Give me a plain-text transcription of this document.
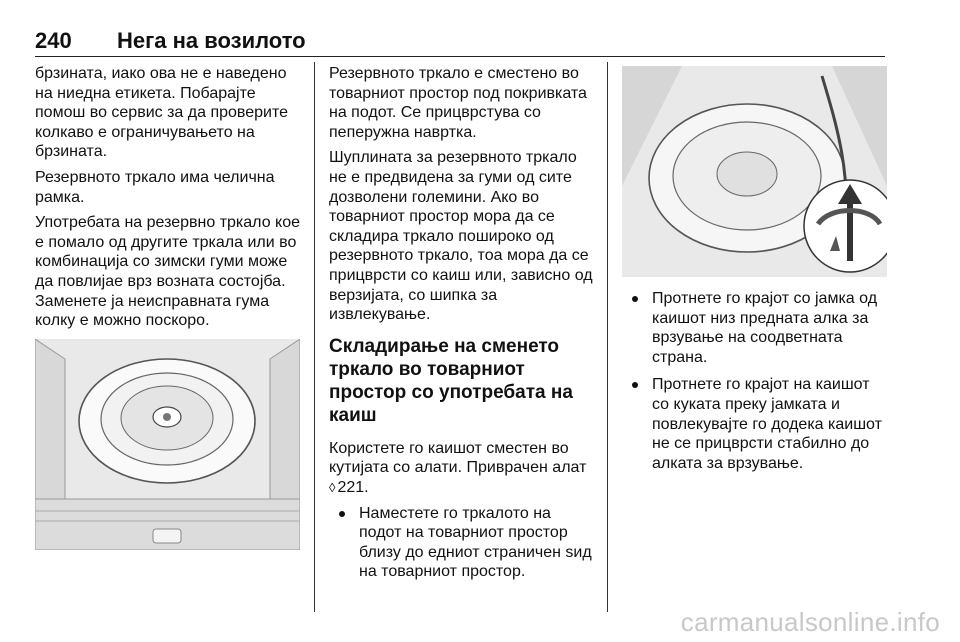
240 Нега на возилото

брзината, иако ова не е наведено на ниедна етикета. Побарајте помош во сервис за да проверите колкаво е ограничувањето на брзината.

Резервното тркало има челична рамка.

Употребата на резервно тркало кое е помало од другите тркала или во комбинација со зимски гуми може да повлијае врз возната состојба. Заменете ја неисправната гума колку е можно поскоро.

Резервното тркало е сместено во товарниот простор под покривката на подот. Се прицврстува со пеперужна навртка.

Шуплината за резервното тркало не е предвидена за гуми од сите дозволени големини. Ако во товарниот простор мора да се складира тркало поширoко од резервното тркало, тоа мора да се прицврсти со каиш или, зависно од верзијата, со шипка за извлекување.

Складирање на сменето тркало во товарниот простор со употребата на каиш

Користете го каишот сместен во кутијата со алати. Приврачен алат ◊ 221.

Наместете го тркалото на подот на товарниот простор близу до едниот страничен sид на товарниот простор.
Протнете го крајот со јамка од каишот низ предната алка за врзување на соодветната страна.
Протнете го крајот на каишот со куката преку јамката и повлекувајте го додека каишот не се прицврсти стабилно до алката за врзување.
carmanualsonline.info
